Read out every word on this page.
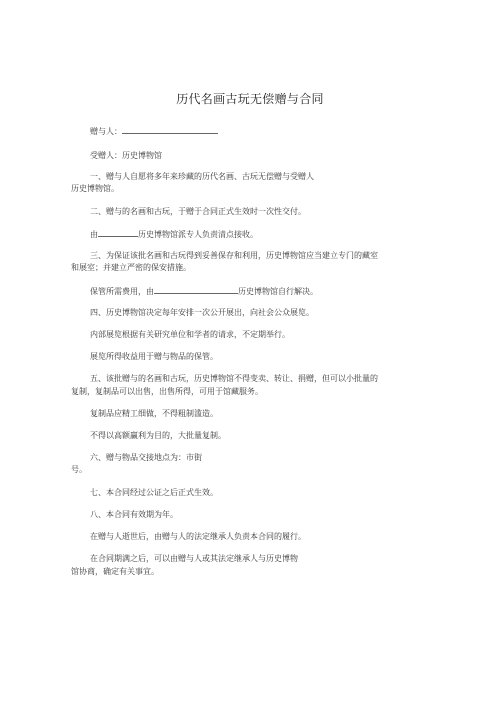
历代名画古玩无偿赠与合同
赠与人：
受赠人：历史博物馆
一、赠与人自愿将多年来珍藏的历代名画、古玩无偿赠与受赠人
历史博物馆。
二、赠与的名画和古玩，于赠于合同正式生效时一次性交付。
由	历史博物馆派专人负责清点接收。
三、为保证该批名画和古玩得到妥善保存和利用，历史博物馆应当建立专门的藏室
和展室；并建立严密的保安措施。
保管所需费用，由	历史博物馆自行解决。
四、历史博物馆决定每年安排一次公开展出，向社会公众展览。
内部展览根据有关研究单位和学者的请求，不定期举行。
展览所得收益用于赠与物品的保管。
五、该批赠与的名画和古玩，历史博物馆不得变卖、转让、捐赠，但可以小批量的
复制，复制品可以出售，出售所得，可用于馆藏服务。
复制品应精工细做，不得粗制滥造。
不得以高额赢利为目的，大批量复制。
六、赠与物品交接地点为：市街
号。
七、本合同经过公证之后正式生效。
八、本合同有效期为年。
在赠与人逝世后，由赠与人的法定继承人负责本合同的履行。
在合同期满之后，可以由赠与人或其法定继承人与历史博物
馆协商，确定有关事宜。
